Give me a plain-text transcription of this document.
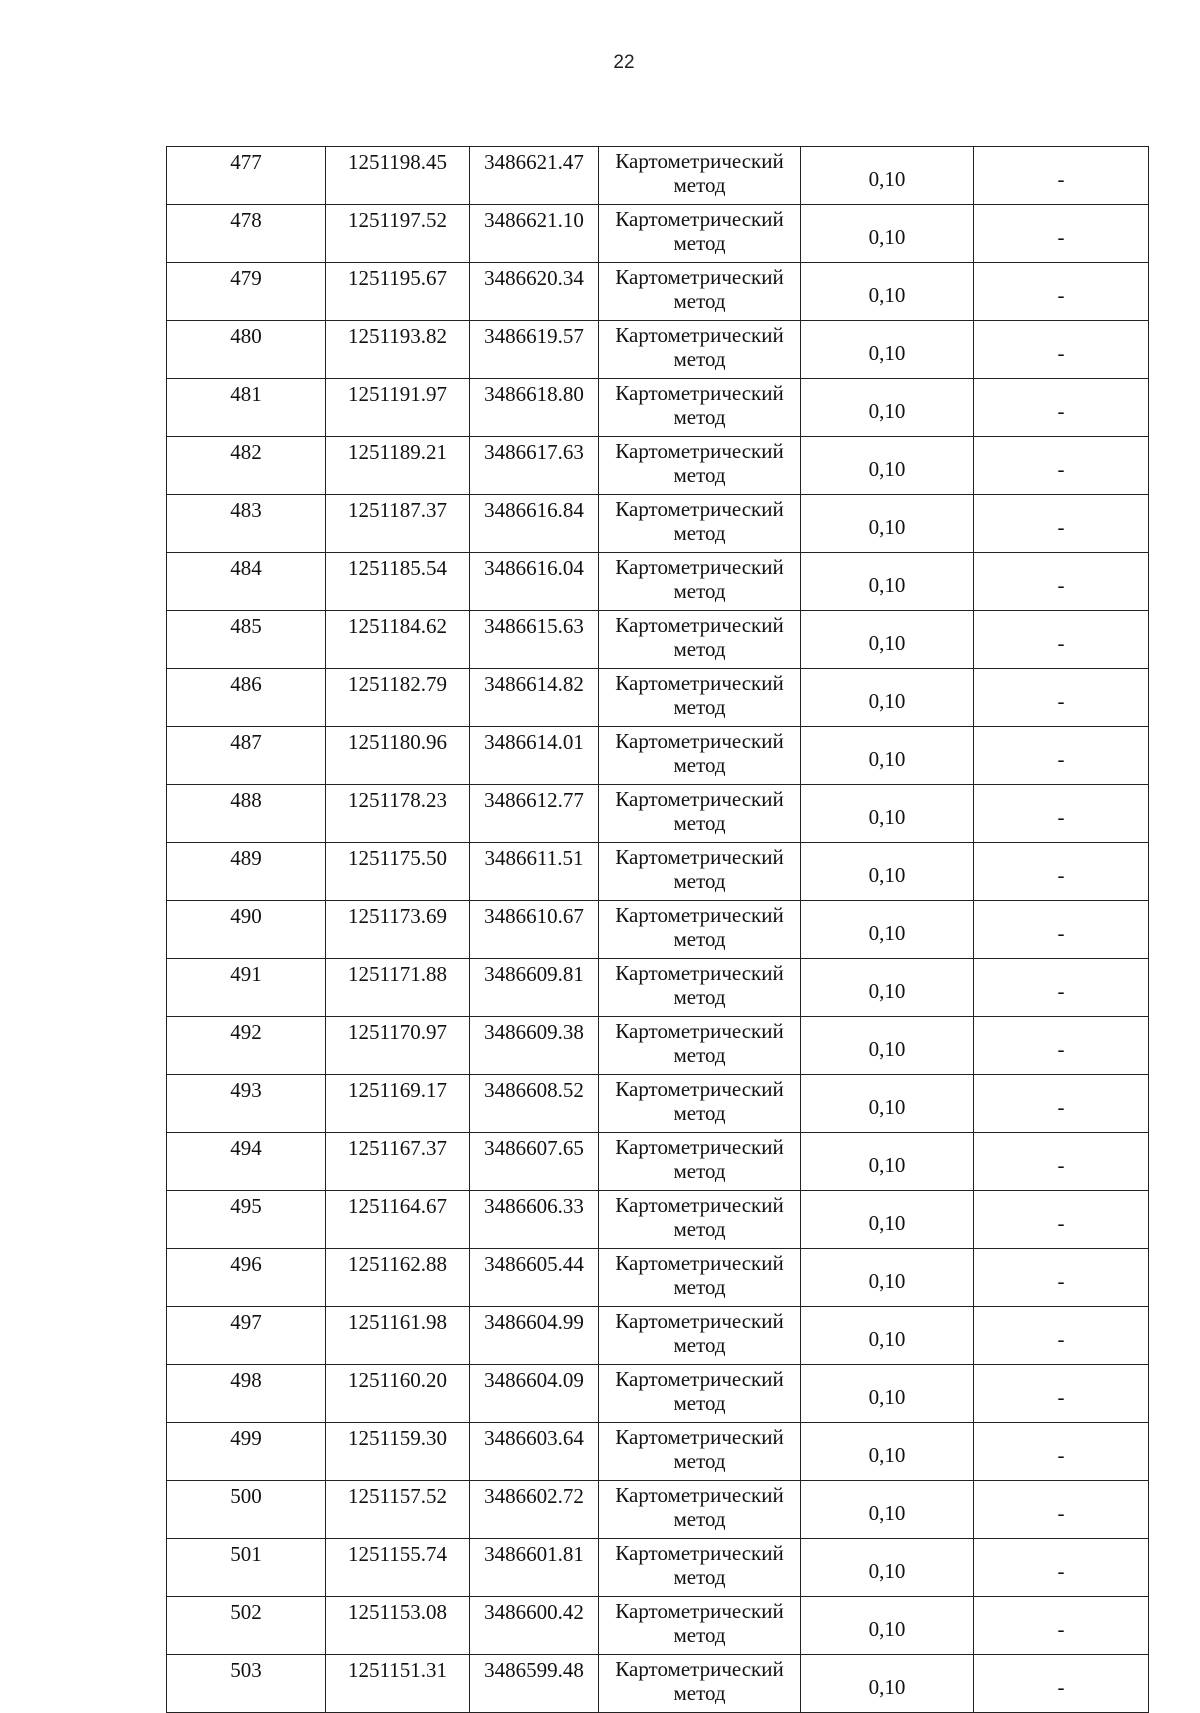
22
477	1251198.45	3486621.47	Картометрический метод	0,10	-
478	1251197.52	3486621.10	Картометрический метод	0,10	-
479	1251195.67	3486620.34	Картометрический метод	0,10	-
480	1251193.82	3486619.57	Картометрический метод	0,10	-
481	1251191.97	3486618.80	Картометрический метод	0,10	-
482	1251189.21	3486617.63	Картометрический метод	0,10	-
483	1251187.37	3486616.84	Картометрический метод	0,10	-
484	1251185.54	3486616.04	Картометрический метод	0,10	-
485	1251184.62	3486615.63	Картометрический метод	0,10	-
486	1251182.79	3486614.82	Картометрический метод	0,10	-
487	1251180.96	3486614.01	Картометрический метод	0,10	-
488	1251178.23	3486612.77	Картометрический метод	0,10	-
489	1251175.50	3486611.51	Картометрический метод	0,10	-
490	1251173.69	3486610.67	Картометрический метод	0,10	-
491	1251171.88	3486609.81	Картометрический метод	0,10	-
492	1251170.97	3486609.38	Картометрический метод	0,10	-
493	1251169.17	3486608.52	Картометрический метод	0,10	-
494	1251167.37	3486607.65	Картометрический метод	0,10	-
495	1251164.67	3486606.33	Картометрический метод	0,10	-
496	1251162.88	3486605.44	Картометрический метод	0,10	-
497	1251161.98	3486604.99	Картометрический метод	0,10	-
498	1251160.20	3486604.09	Картометрический метод	0,10	-
499	1251159.30	3486603.64	Картометрический метод	0,10	-
500	1251157.52	3486602.72	Картометрический метод	0,10	-
501	1251155.74	3486601.81	Картометрический метод	0,10	-
502	1251153.08	3486600.42	Картометрический метод	0,10	-
503	1251151.31	3486599.48	Картометрический метод	0,10	-
